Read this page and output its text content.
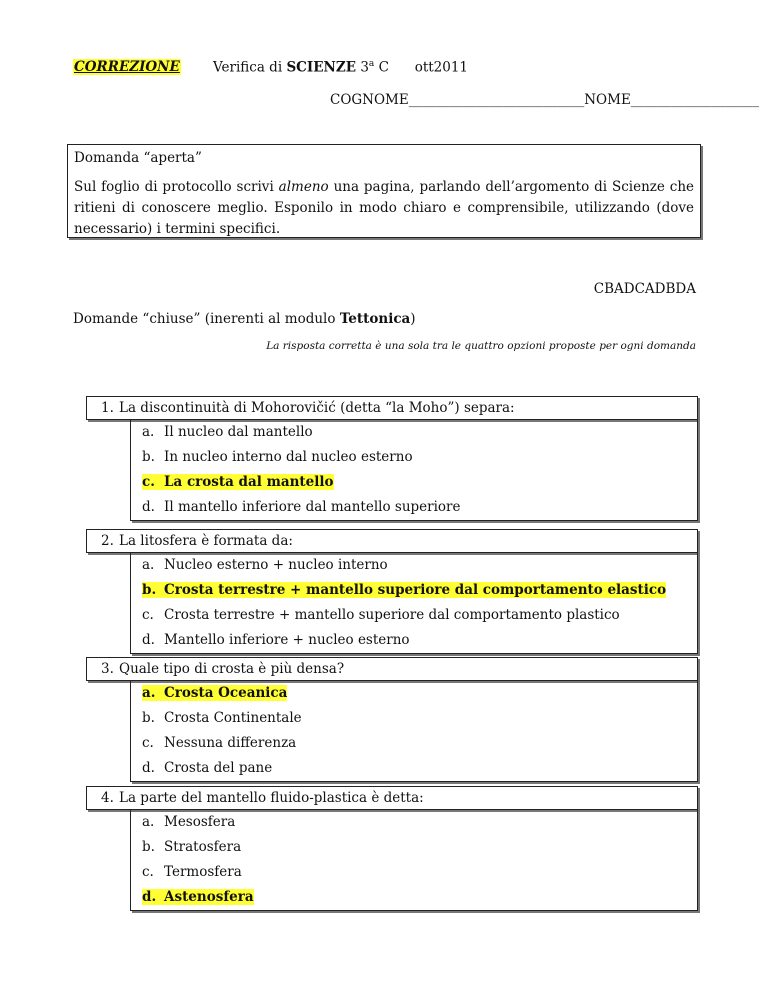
CORREZIONE Verifica di SCIENZE 3$^a$ C ott2011
COGNOME__________________________NOME___________________
Domanda “aperta”
Sul foglio di protocollo scrivi almeno una pagina, parlando dell’argomento di Scienze che ritieni di conoscere meglio. Esponilo in modo chiaro e comprensibile, utilizzando (dove necessario) i termini specifici.
CBADCADBDA
Domande “chiuse” (inerenti al modulo Tettonica)
La risposta corretta è una sola tra le quattro opzioni proposte per ogni domanda
1. La discontinuità di Mohorovičić (detta “la Moho”) separa:
a. Il nucleo dal mantello
b. In nucleo interno dal nucleo esterno
c. La crosta dal mantello
d. Il mantello inferiore dal mantello superiore
2. La litosfera è formata da:
a. Nucleo esterno + nucleo interno
b. Crosta terrestre + mantello superiore dal comportamento elastico
c. Crosta terrestre + mantello superiore dal comportamento plastico
d. Mantello inferiore + nucleo esterno
3. Quale tipo di crosta è più densa?
a. Crosta Oceanica
b. Crosta Continentale
c. Nessuna differenza
d. Crosta del pane
4. La parte del mantello fluido-plastica è detta:
a. Mesosfera
b. Stratosfera
c. Termosfera
d. Astenosfera
